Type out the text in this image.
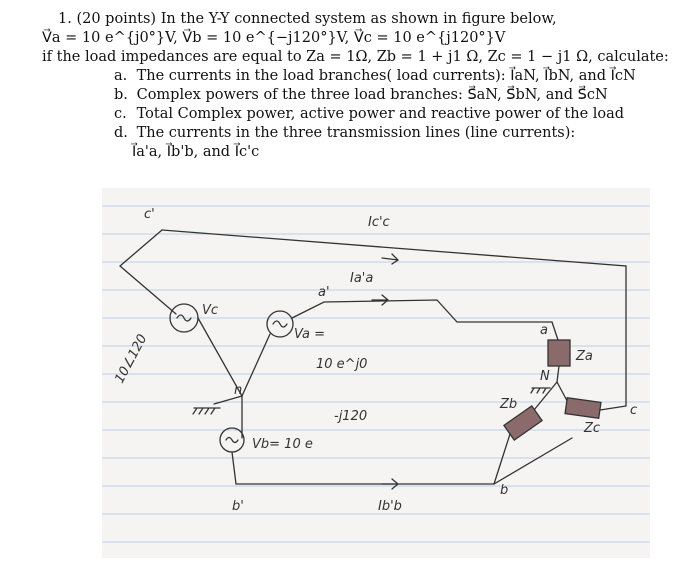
1. (20 points) In the Y-Y connected system as shown in figure below,
V⃗a = 10 e^{j0°}V, V⃗b = 10 e^{−j120°}V, V⃗c = 10 e^{j120°}V
if the load impedances are equal to Za = 1Ω, Zb = 1 + j1 Ω, Zc = 1 − j1 Ω, calculate:
a. The currents in the load branches( load currents): I⃗aN, I⃗bN, and I⃗cN
b. Complex powers of the three load branches: S⃗aN, S⃗bN, and S⃗cN
c. Total Complex power, active power and reactive power of the load
d. The currents in the three transmission lines (line currents):
I⃗a'a, I⃗b'b, and I⃗c'c
c'
Vc
10∠120
Ic'c
a'
Ia'a
Va =
10 e^j0
n
Vb= 10 e
-j120
b'	Ib'b
a
Za
N
Zb
Zc
b
c
